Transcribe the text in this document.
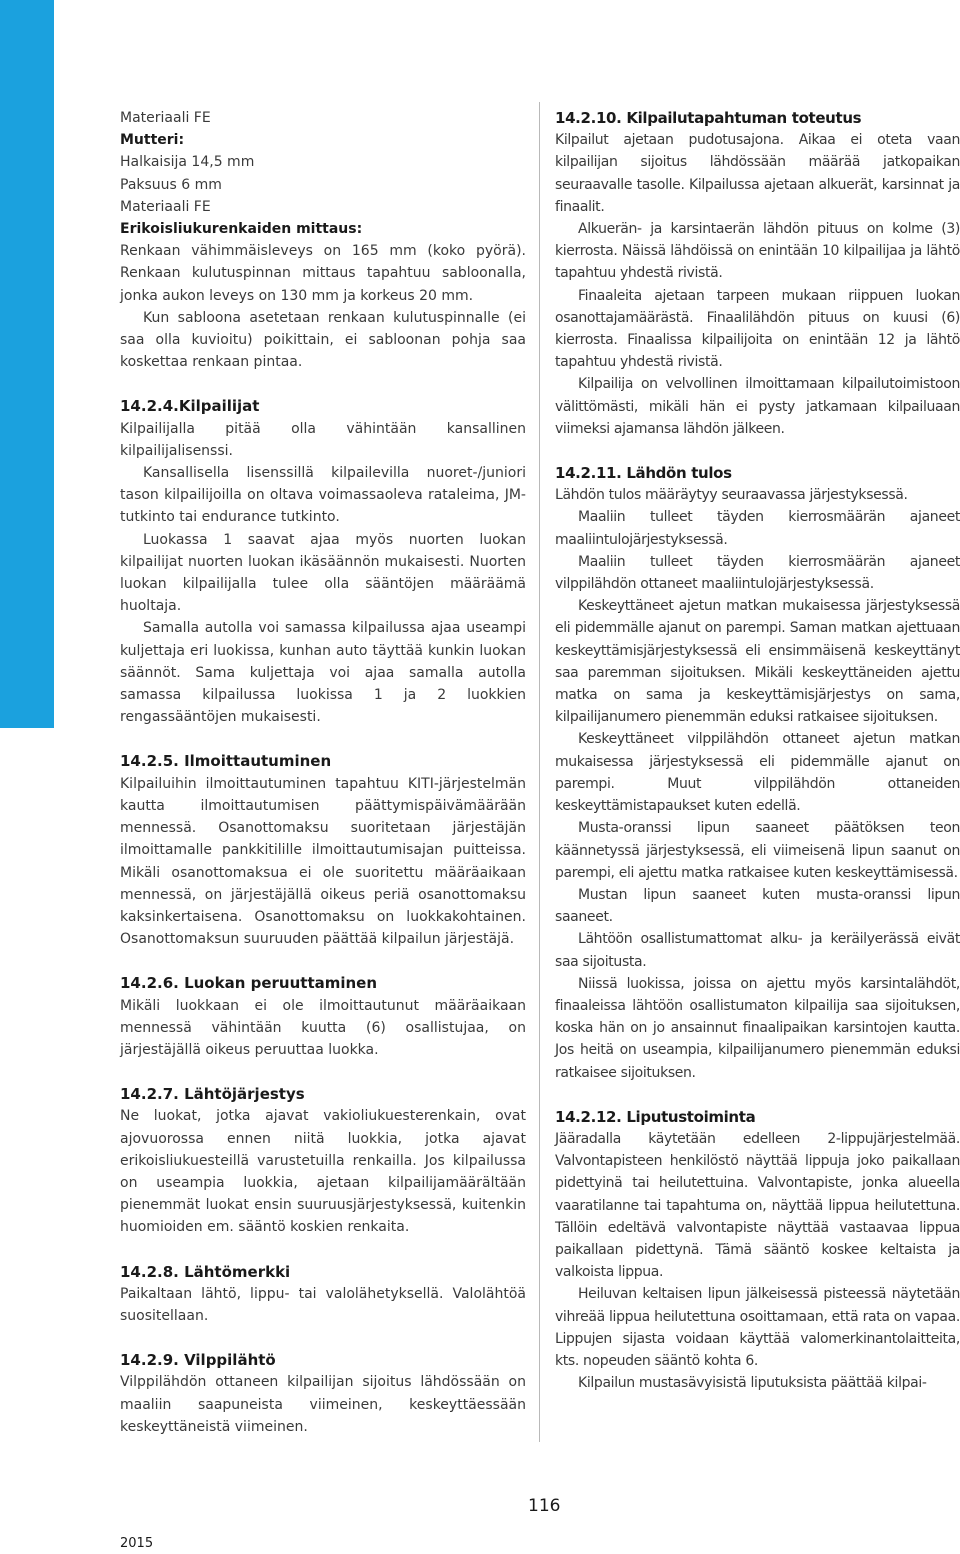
Materiaali FE

Mutteri:

Halkaisija 14,5 mm

Paksuus 6 mm

Materiaali FE

Erikoisliukurenkaiden mittaus:

Renkaan vähimmäisleveys on 165 mm (koko pyörä). Renkaan kulutuspinnan mittaus tapahtuu sabloonalla, jonka aukon leveys on 130 mm ja korkeus 20 mm.

Kun sabloona asetetaan renkaan kulutuspinnalle (ei saa olla kuvioitu) poikittain, ei sabloonan pohja saa koskettaa renkaan pintaa.

14.2.4.Kilpailijat

Kilpailijalla pitää olla vähintään kansallinen kilpailijalisenssi.

Kansallisella lisenssillä kilpailevilla nuoret-/juniori tason kilpailijoilla on oltava voimassaoleva rataleima, JM-tutkinto tai endurance tutkinto.

Luokassa 1 saavat ajaa myös nuorten luokan kilpailijat nuorten luokan ikäsäännön mukaisesti. Nuorten luokan kilpailijalla tulee olla sääntöjen määräämä huoltaja.

Samalla autolla voi samassa kilpailussa ajaa useampi kuljettaja eri luokissa, kunhan auto täyttää kunkin luokan säännöt. Sama kuljettaja voi ajaa samalla autolla samassa kilpailussa luokissa 1 ja 2 luokkien rengassääntöjen mukaisesti.

14.2.5. Ilmoittautuminen

Kilpailuihin ilmoittautuminen tapahtuu KITI-järjestelmän kautta ilmoittautumisen päättymispäivämäärään mennessä. Osanottomaksu suoritetaan järjestäjän ilmoittamalle pankkitilille ilmoittautumisajan puitteissa. Mikäli osanottomaksua ei ole suoritettu määräaikaan mennessä, on järjestäjällä oikeus periä osanottomaksu kaksinkertaisena. Osanottomaksu on luokkakohtainen. Osanottomaksun suuruuden päättää kilpailun järjestäjä.

14.2.6. Luokan peruuttaminen

Mikäli luokkaan ei ole ilmoittautunut määräaikaan mennessä vähintään kuutta (6) osallistujaa, on järjestäjällä oikeus peruuttaa luokka.

14.2.7. Lähtöjärjestys

Ne luokat, jotka ajavat vakioliukuesterenkain, ovat ajovuorossa ennen niitä luokkia, jotka ajavat erikoisliukuesteillä varustetuilla renkailla. Jos kilpailussa on useampia luokkia, ajetaan kilpailijamäärältään pienemmät luokat ensin suuruusjärjestyksessä, kuitenkin huomioiden em. sääntö koskien renkaita.

14.2.8. Lähtömerkki

Paikaltaan lähtö, lippu- tai valolähetyksellä. Valolähtöä suositellaan.

14.2.9. Vilppilähtö

Vilppilähdön ottaneen kilpailijan sijoitus lähdössään on maaliin saapuneista viimeinen, keskeyttäessään keskeyttäneistä viimeinen.

14.2.10. Kilpailutapahtuman toteutus

Kilpailut ajetaan pudotusajona. Aikaa ei oteta vaan kilpailijan sijoitus lähdössään määrää jatkopaikan seuraavalle tasolle. Kilpailussa ajetaan alkuerät, karsinnat ja finaalit.

Alkuerän- ja karsintaerän lähdön pituus on kolme (3) kierrosta. Näissä lähdöissä on enintään 10 kilpailijaa ja lähtö tapahtuu yhdestä rivistä.

Finaaleita ajetaan tarpeen mukaan riippuen luokan osanottajamäärästä. Finaalilähdön pituus on kuusi (6) kierrosta. Finaalissa kilpailijoita on enintään 12 ja lähtö tapahtuu yhdestä rivistä.

Kilpailija on velvollinen ilmoittamaan kilpailutoimistoon välittömästi, mikäli hän ei pysty jatkamaan kilpailuaan viimeksi ajamansa lähdön jälkeen.

14.2.11. Lähdön tulos

Lähdön tulos määräytyy seuraavassa järjestyksessä.

Maaliin tulleet täyden kierrosmäärän ajaneet maaliintulojärjestyksessä.

Maaliin tulleet täyden kierrosmäärän ajaneet vilppilähdön ottaneet maaliintulojärjestyksessä.

Keskeyttäneet ajetun matkan mukaisessa järjestyksessä eli pidemmälle ajanut on parempi. Saman matkan ajettuaan keskeyttämisjärjestyksessä eli ensimmäisenä keskeyttänyt saa paremman sijoituksen. Mikäli keskeyttäneiden ajettu matka on sama ja keskeyttämisjärjestys on sama, kilpailijanumero pienemmän eduksi ratkaisee sijoituksen.

Keskeyttäneet vilppilähdön ottaneet ajetun matkan mukaisessa järjestyksessä eli pidemmälle ajanut on parempi. Muut vilppilähdön ottaneiden keskeyttämistapaukset kuten edellä.

Musta-oranssi lipun saaneet päätöksen teon käännetyssä järjestyksessä, eli viimeisenä lipun saanut on parempi, eli ajettu matka ratkaisee kuten keskeyttämisessä.

Mustan lipun saaneet kuten musta-oranssi lipun saaneet.

Lähtöön osallistumattomat alku- ja keräilyerässä eivät saa sijoitusta.

Niissä luokissa, joissa on ajettu myös karsintalähdöt, finaaleissa lähtöön osallistumaton kilpailija saa sijoituksen, koska hän on jo ansainnut finaalipaikan karsintojen kautta. Jos heitä on useampia, kilpailijanumero pienemmän eduksi ratkaisee sijoituksen.

14.2.12. Liputustoiminta

Jääradalla käytetään edelleen 2-lippujärjestelmää. Valvontapisteen henkilöstö näyttää lippuja joko paikallaan pidettyinä tai heilutettuina. Valvontapiste, jonka alueella vaaratilanne tai tapahtuma on, näyttää lippua heilutettuna. Tällöin edeltävä valvontapiste näyttää vastaavaa lippua paikallaan pidettynä. Tämä sääntö koskee keltaista ja valkoista lippua.

Heiluvan keltaisen lipun jälkeisessä pisteessä näytetään vihreää lippua heilutettuna osoittamaan, että rata on vapaa. Lippujen sijasta voidaan käyttää valomerkinantolaitteita, kts. nopeuden sääntö kohta 6.

Kilpailun mustasävyisistä liputuksista päättää kilpai-

116
2015
